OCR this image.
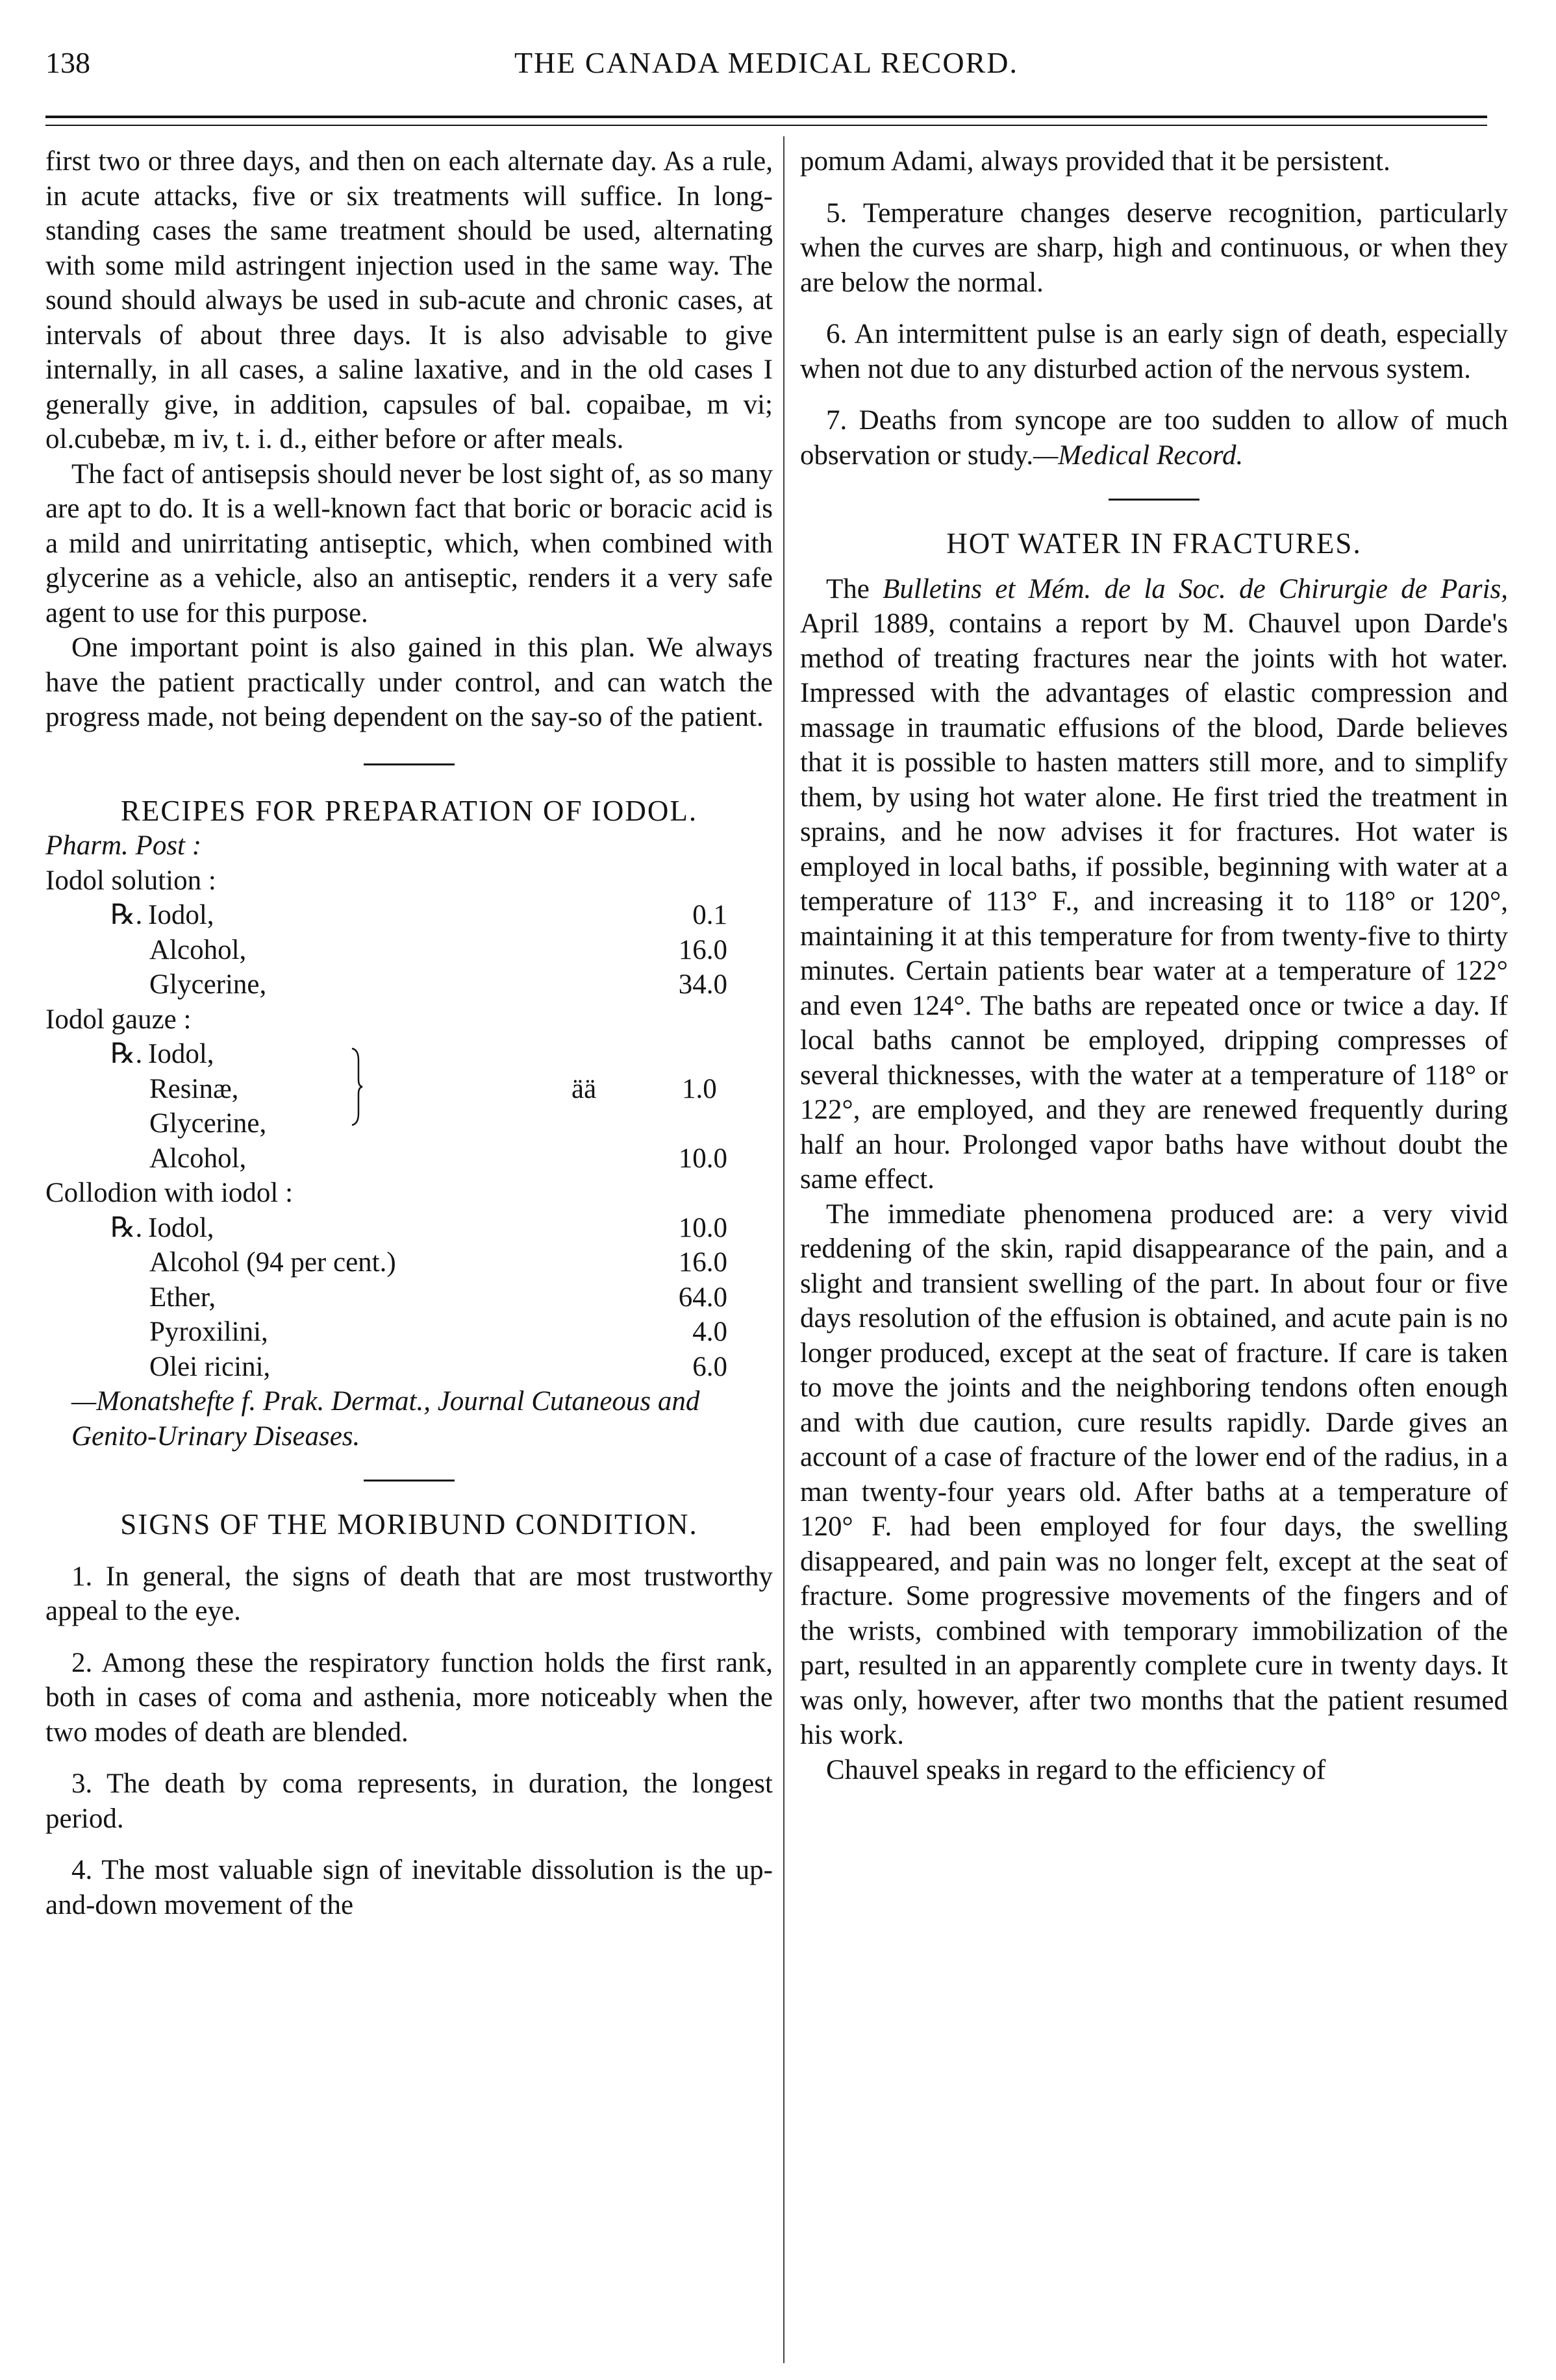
138	THE CANADA MEDICAL RECORD.

first two or three days, and then on each alternate day. As a rule, in acute attacks, five or six treatments will suffice. In long-standing cases the same treatment should be used, alternating with some mild astringent injection used in the same way. The sound should always be used in sub-acute and chronic cases, at intervals of about three days. It is also advisable to give internally, in all cases, a saline laxative, and in the old cases I generally give, in addition, capsules of bal. copaibae, m vi; ol.cubebæ, m iv, t. i. d., either before or after meals.

The fact of antisepsis should never be lost sight of, as so many are apt to do. It is a well-known fact that boric or boracic acid is a mild and unirritating antiseptic, which, when combined with glycerine as a vehicle, also an antiseptic, renders it a very safe agent to use for this purpose.

One important point is also gained in this plan. We always have the patient practically under control, and can watch the progress made, not being dependent on the say-so of the patient.

RECIPES FOR PREPARATION OF IODOL.

Pharm. Post :

Iodol solution :

℞. Iodol,	0.1
Alcohol,	16.0
Glycerine,	34.0

Iodol gauze :

℞. Iodol,
Resinæ,	ää	1.0
Glycerine,
Alcohol,	10.0

Collodion with iodol :

℞. Iodol,	10.0
Alcohol (94 per cent.)	16.0
Ether,	64.0
Pyroxilini,	4.0
Olei ricini,	6.0

—Monatshefte f. Prak. Dermat., Journal Cutaneous and Genito-Urinary Diseases.

SIGNS OF THE MORIBUND CONDITION.

1. In general, the signs of death that are most trustworthy appeal to the eye.

2. Among these the respiratory function holds the first rank, both in cases of coma and asthenia, more noticeably when the two modes of death are blended.

3. The death by coma represents, in duration, the longest period.

4. The most valuable sign of inevitable dissolution is the up-and-down movement of the

pomum Adami, always provided that it be persistent.

5. Temperature changes deserve recognition, particularly when the curves are sharp, high and continuous, or when they are below the normal.

6. An intermittent pulse is an early sign of death, especially when not due to any disturbed action of the nervous system.

7. Deaths from syncope are too sudden to allow of much observation or study.—Medical Record.

HOT WATER IN FRACTURES.

The Bulletins et Mém. de la Soc. de Chirurgie de Paris, April 1889, contains a report by M. Chauvel upon Darde's method of treating fractures near the joints with hot water. Impressed with the advantages of elastic compression and massage in traumatic effusions of the blood, Darde believes that it is possible to hasten matters still more, and to simplify them, by using hot water alone. He first tried the treatment in sprains, and he now advises it for fractures. Hot water is employed in local baths, if possible, beginning with water at a temperature of 113° F., and increasing it to 118° or 120°, maintaining it at this temperature for from twenty-five to thirty minutes. Certain patients bear water at a temperature of 122° and even 124°. The baths are repeated once or twice a day. If local baths cannot be employed, dripping compresses of several thicknesses, with the water at a temperature of 118° or 122°, are employed, and they are renewed frequently during half an hour. Prolonged vapor baths have without doubt the same effect.

The immediate phenomena produced are: a very vivid reddening of the skin, rapid disappearance of the pain, and a slight and transient swelling of the part. In about four or five days resolution of the effusion is obtained, and acute pain is no longer produced, except at the seat of fracture. If care is taken to move the joints and the neighboring tendons often enough and with due caution, cure results rapidly. Darde gives an account of a case of fracture of the lower end of the radius, in a man twenty-four years old. After baths at a temperature of 120° F. had been employed for four days, the swelling disappeared, and pain was no longer felt, except at the seat of fracture. Some progressive movements of the fingers and of the wrists, combined with temporary immobilization of the part, resulted in an apparently complete cure in twenty days. It was only, however, after two months that the patient resumed his work.

Chauvel speaks in regard to the efficiency of
